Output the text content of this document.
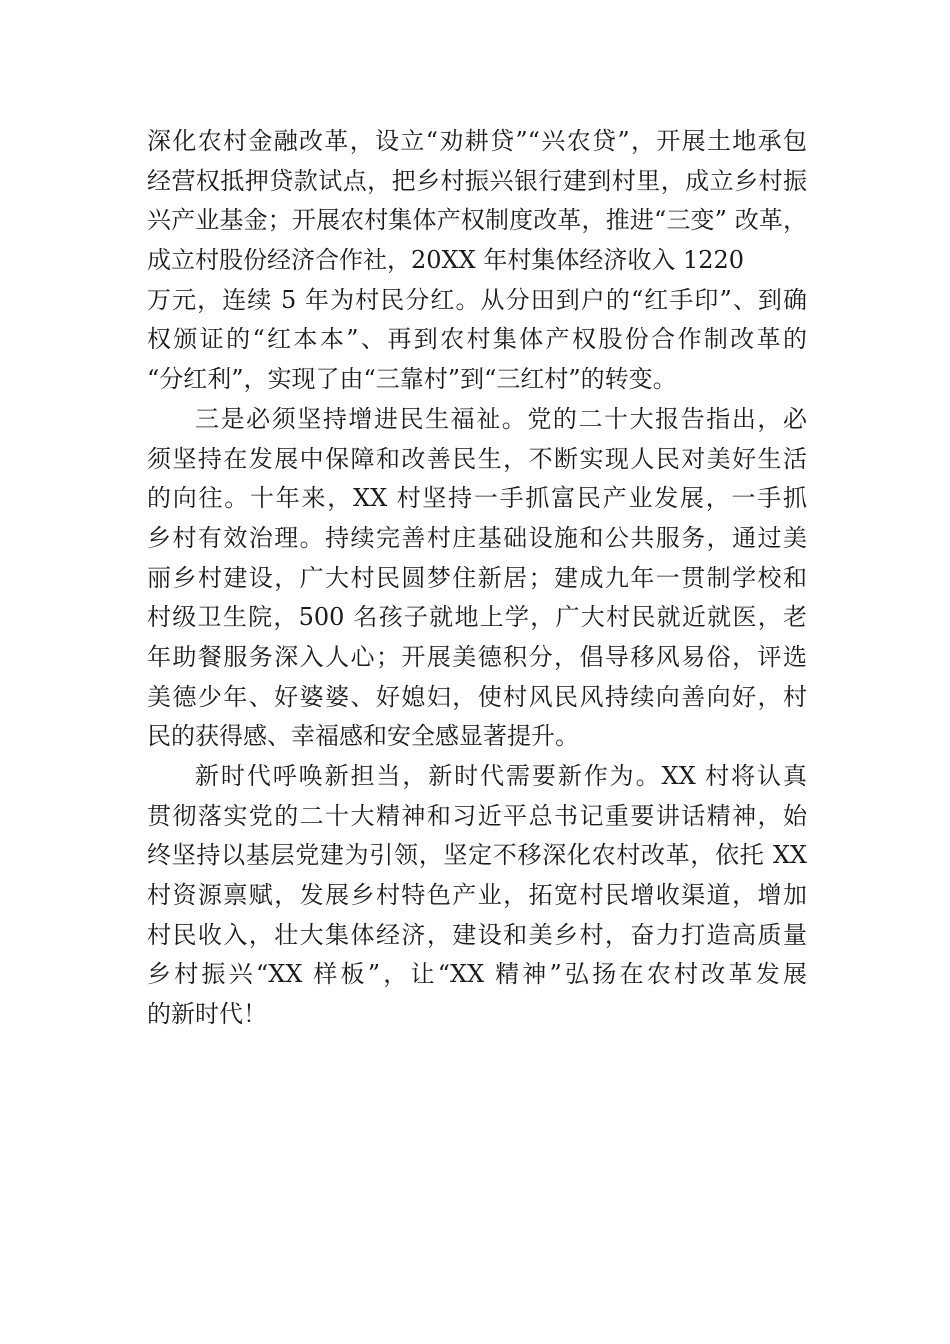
深化农村金融改革，设立“劝耕贷”“兴农贷”，开展土地承包
经营权抵押贷款试点，把乡村振兴银行建到村里，成立乡村振
兴产业基金；开展农村集体产权制度改革，推进“三变” 改革，
成立村股份经济合作社，20XX 年村集体经济收入 1220
万元，连续 5 年为村民分红。从分田到户的“红手印”、到确
权颁证的“红本本”、再到农村集体产权股份合作制改革的
“分红利”，实现了由“三靠村”到“三红村”的转变。
三是必须坚持增进民生福祉。党的二十大报告指出，必
须坚持在发展中保障和改善民生，不断实现人民对美好生活
的向往。十年来，XX 村坚持一手抓富民产业发展，一手抓
乡村有效治理。持续完善村庄基础设施和公共服务，通过美
丽乡村建设，广大村民圆梦住新居；建成九年一贯制学校和
村级卫生院，500 名孩子就地上学，广大村民就近就医，老
年助餐服务深入人心；开展美德积分，倡导移风易俗，评选
美德少年、好婆婆、好媳妇，使村风民风持续向善向好，村
民的获得感、幸福感和安全感显著提升。
新时代呼唤新担当，新时代需要新作为。XX 村将认真
贯彻落实党的二十大精神和习近平总书记重要讲话精神，始
终坚持以基层党建为引领，坚定不移深化农村改革，依托 XX
村资源禀赋，发展乡村特色产业，拓宽村民增收渠道，增加
村民收入，壮大集体经济，建设和美乡村，奋力打造高质量
乡村振兴“XX 样板”，让“XX 精神”弘扬在农村改革发展
的新时代！
